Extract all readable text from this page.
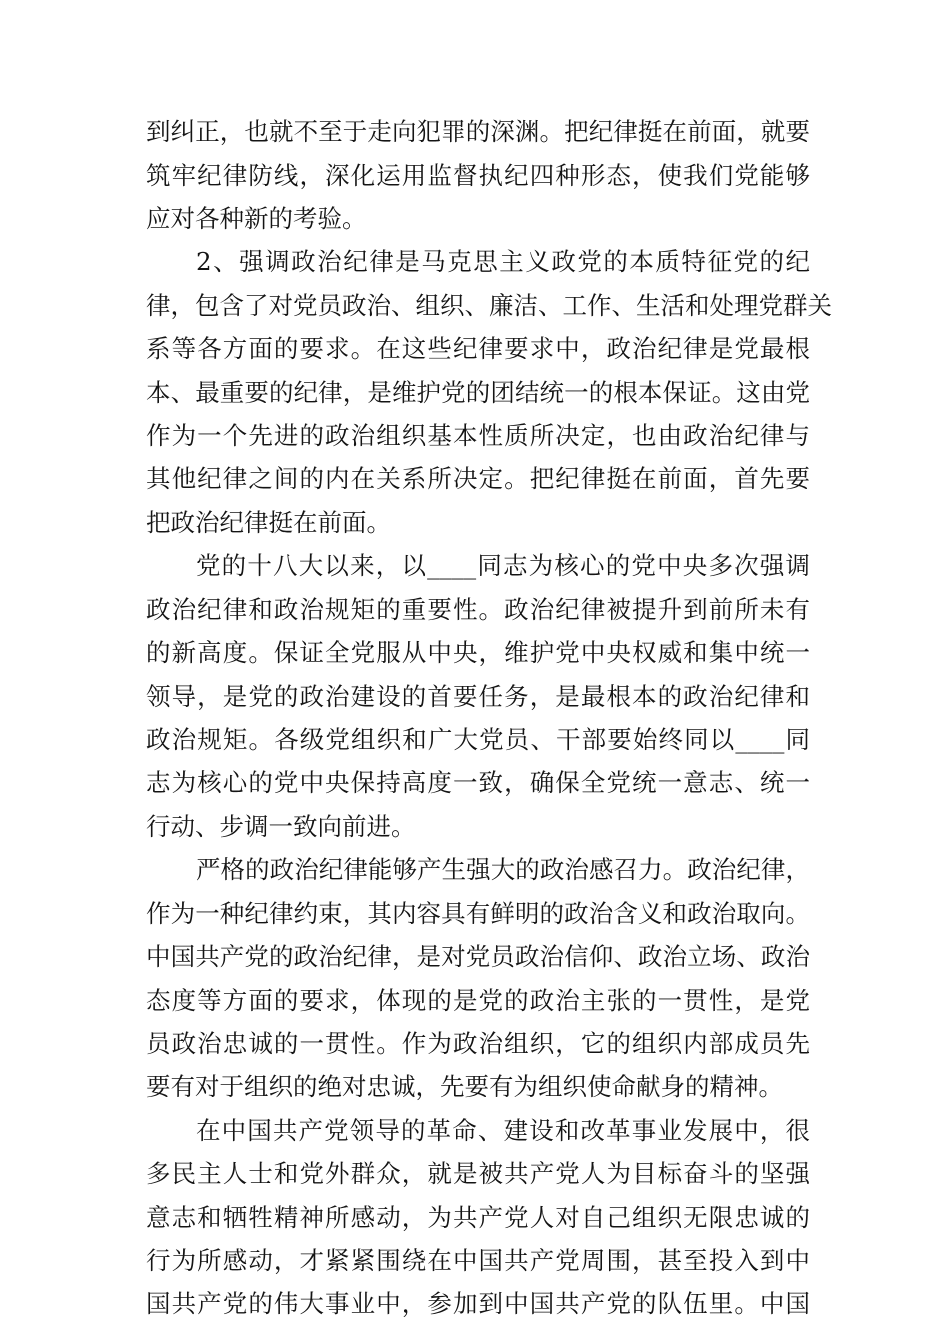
到纠正，也就不至于走向犯罪的深渊。把纪律挺在前面，就要
筑牢纪律防线，深化运用监督执纪四种形态，使我们党能够
应对各种新的考验。
2、强调政治纪律是马克思主义政党的本质特征党的纪
律，包含了对党员政治、组织、廉洁、工作、生活和处理党群关
系等各方面的要求。在这些纪律要求中，政治纪律是党最根
本、最重要的纪律，是维护党的团结统一的根本保证。这由党
作为一个先进的政治组织基本性质所决定，也由政治纪律与
其他纪律之间的内在关系所决定。把纪律挺在前面，首先要
把政治纪律挺在前面。
党的十八大以来，以____同志为核心的党中央多次强调
政治纪律和政治规矩的重要性。政治纪律被提升到前所未有
的新高度。保证全党服从中央，维护党中央权威和集中统一
领导，是党的政治建设的首要任务，是最根本的政治纪律和
政治规矩。各级党组织和广大党员、干部要始终同以____同
志为核心的党中央保持高度一致，确保全党统一意志、统一
行动、步调一致向前进。
严格的政治纪律能够产生强大的政治感召力。政治纪律，
作为一种纪律约束，其内容具有鲜明的政治含义和政治取向。
中国共产党的政治纪律，是对党员政治信仰、政治立场、政治
态度等方面的要求，体现的是党的政治主张的一贯性，是党
员政治忠诚的一贯性。作为政治组织，它的组织内部成员先
要有对于组织的绝对忠诚，先要有为组织使命献身的精神。
在中国共产党领导的革命、建设和改革事业发展中，很
多民主人士和党外群众，就是被共产党人为目标奋斗的坚强
意志和牺牲精神所感动，为共产党人对自己组织无限忠诚的
行为所感动，才紧紧围绕在中国共产党周围，甚至投入到中
国共产党的伟大事业中，参加到中国共产党的队伍里。中国
